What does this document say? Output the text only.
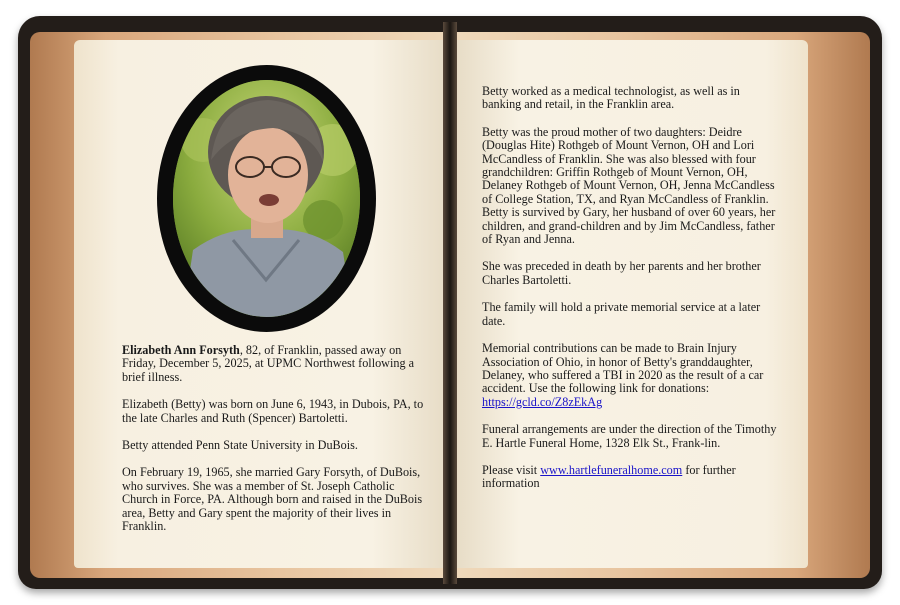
Elizabeth Ann Forsyth, 82, of Franklin, passed away on Friday, December 5, 2025, at UPMC Northwest following a brief illness.

Elizabeth (Betty) was born on June 6, 1943, in Dubois, PA, to the late Charles and Ruth (Spencer) Bartoletti.

Betty attended Penn State University in DuBois.

On February 19, 1965, she married Gary Forsyth, of DuBois, who survives. She was a member of St. Joseph Catholic Church in Force, PA. Although born and raised in the DuBois area, Betty and Gary spent the majority of their lives in Franklin.

Betty worked as a medical technologist, as well as in banking and retail, in the Franklin area.

Betty was the proud mother of two daughters: Deidre (Douglas Hite) Rothgeb of Mount Vernon, OH and Lori McCandless of Franklin. She was also blessed with four grandchildren: Griffin Rothgeb of Mount Vernon, OH, Delaney Rothgeb of Mount Vernon, OH, Jenna McCandless of College Station, TX, and Ryan McCandless of Franklin. Betty is survived by Gary, her husband of over 60 years, her children, and grand-children and by Jim McCandless, father of Ryan and Jenna.

She was preceded in death by her parents and her brother Charles Bartoletti.

The family will hold a private memorial service at a later date.

Memorial contributions can be made to Brain Injury Association of Ohio, in honor of Betty's granddaughter, Delaney, who suffered a TBI in 2020 as the result of a car accident. Use the following link for donations:
https://gcld.co/Z8zEkAg

Funeral arrangements are under the direction of the Timothy E. Hartle Funeral Home, 1328 Elk St., Frank-lin.

Please visit www.hartlefuneralhome.com for further information
